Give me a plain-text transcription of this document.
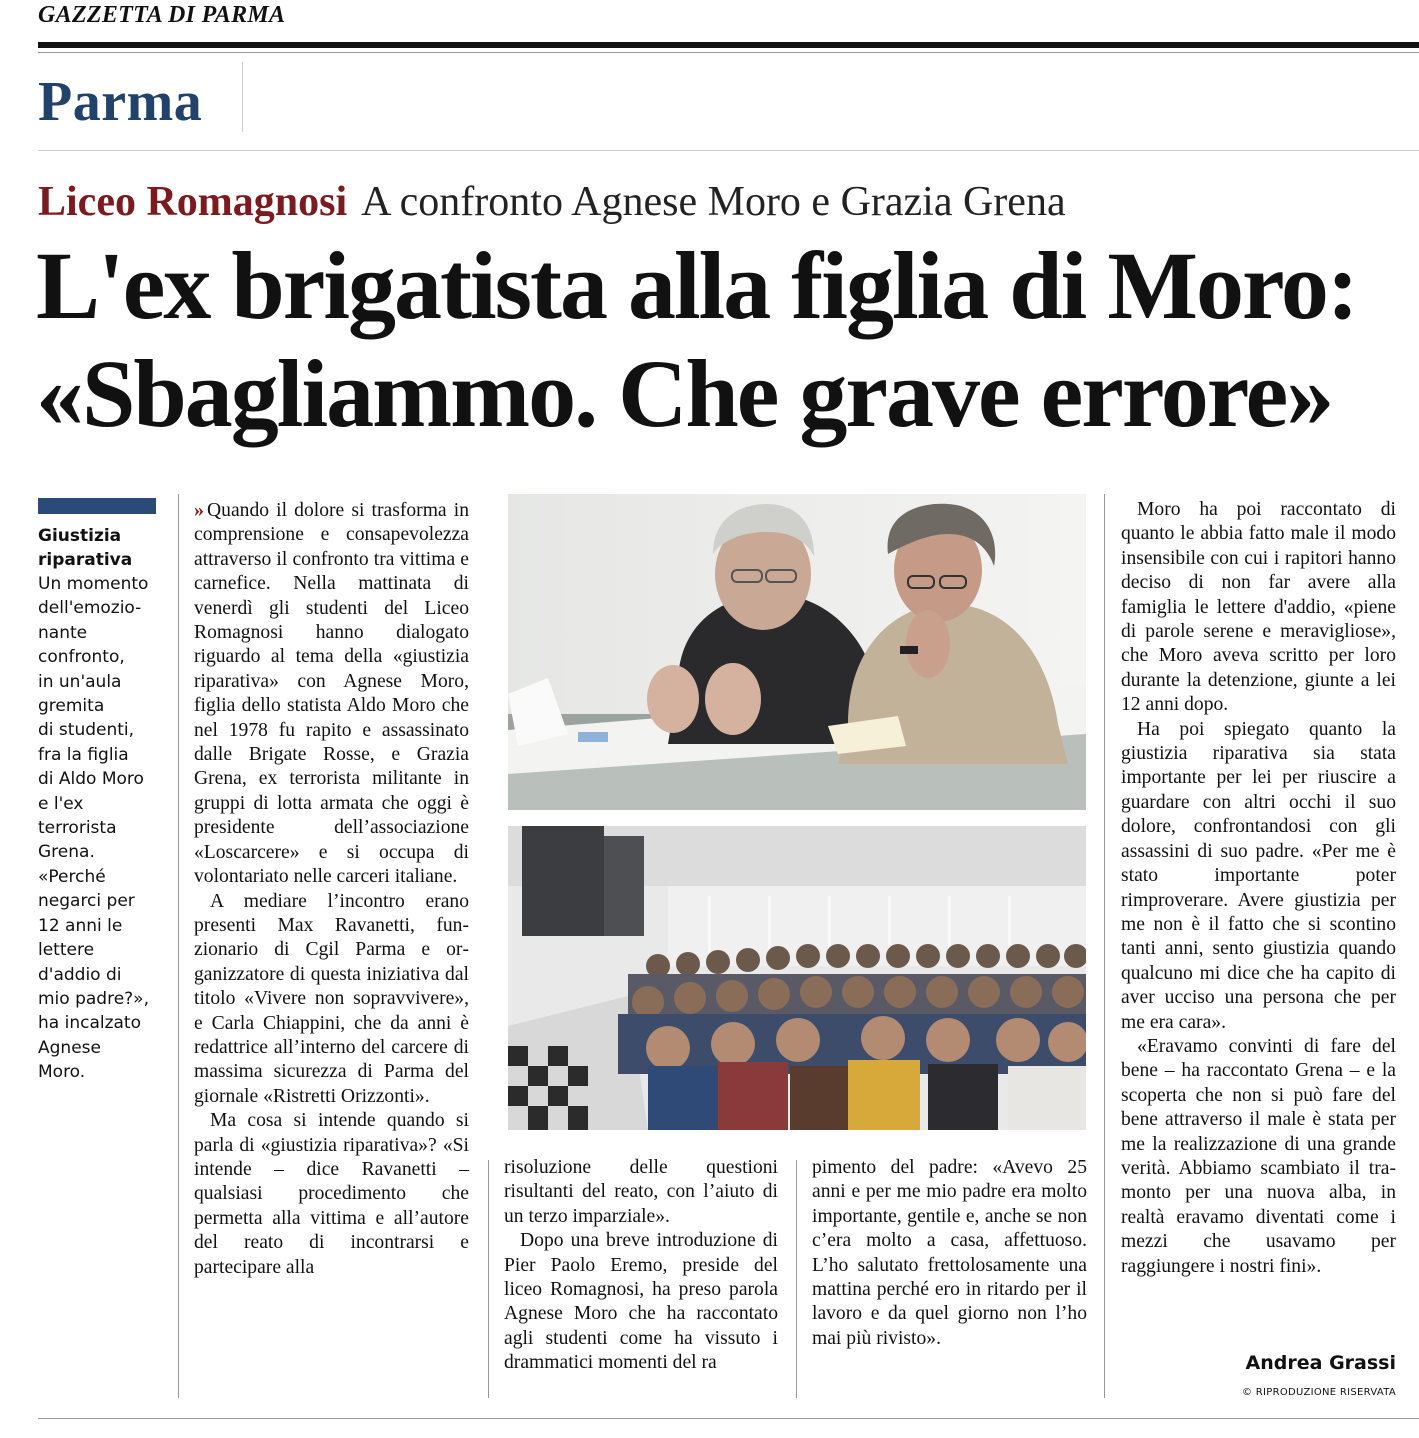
GAZZETTA DI PARMA
Parma
Liceo Romagnosi A confronto Agnese Moro e Grazia Grena
L'ex brigatista alla figlia di Moro:
«Sbagliammo. Che grave errore»
Giustizia riparativa
Un momento
dell'emozio-
nante
confronto,
in un'aula
gremita
di studenti,
fra la figlia
di Aldo Moro
e l'ex
terrorista
Grena.
«Perché
negarci per
12 anni le
lettere
d'addio di
mio padre?»,
ha incalzato
Agnese
Moro.

» Quando il dolore si trasforma in comprensione e consapevolezza attraverso il confronto tra vittima e carnefice. Nella mattinata di venerdì gli studenti del Liceo Romagnosi hanno dialogato riguardo al tema della «giustizia riparativa» con Agnese Moro, figlia dello statista Aldo Moro che nel 1978 fu rapito e assassinato dalle Brigate Rosse, e Grazia Grena, ex terrorista militante in gruppi di lotta armata che oggi è presidente dell’associazione «Loscarcere» e si occupa di volontariato nelle carceri italiane.

A mediare l’incontro erano presenti Max Ravanetti, funzionario di Cgil Parma e organizzatore di questa iniziativa dal titolo «Vivere non sopravvivere», e Carla Chiappini, che da anni è redattrice all’interno del carcere di massima sicurezza di Parma del giornale «Ristretti Orizzonti».

Ma cosa si intende quando si parla di «giustizia riparativa»? «Si intende – dice Ravanetti – qualsiasi procedimento che permetta alla vittima e all’autore del reato di incontrarsi e partecipare alla

risoluzione delle questioni risultanti del reato, con l’aiuto di un terzo imparziale».

Dopo una breve introduzione di Pier Paolo Eremo, preside del liceo Romagnosi, ha preso parola Agnese Moro che ha raccontato agli studenti come ha vissuto i drammatici momenti del ra

pimento del padre: «Avevo 25 anni e per me mio padre era molto importante, gentile e, anche se non c’era molto a casa, affettuoso. L’ho salutato frettolosamente una mattina perché ero in ritardo per il lavoro e da quel giorno non l’ho mai più rivisto».

Moro ha poi raccontato di quanto le abbia fatto male il modo insensibile con cui i rapitori hanno deciso di non far avere alla famiglia le lettere d'addio, «piene di parole serene e meravigliose», che Moro aveva scritto per loro durante la detenzione, giunte a lei 12 anni dopo.

Ha poi spiegato quanto la giustizia riparativa sia stata importante per lei per riuscire a guardare con altri occhi il suo dolore, confrontandosi con gli assassini di suo padre. «Per me è stato importante poter rimproverare. Avere giustizia per me non è il fatto che si scontino tanti anni, sento giustizia quando qualcuno mi dice che ha capito di aver ucciso una persona che per me era cara».

«Eravamo convinti di fare del bene – ha raccontato Grena – e la scoperta che non si può fare del bene attraverso il male è stata per me la realizzazione di una grande verità. Abbiamo scambiato il tramonto per una nuova alba, in realtà eravamo diventati come i mezzi che usavamo per raggiungere i nostri fini».

Andrea Grassi
© RIPRODUZIONE RISERVATA
